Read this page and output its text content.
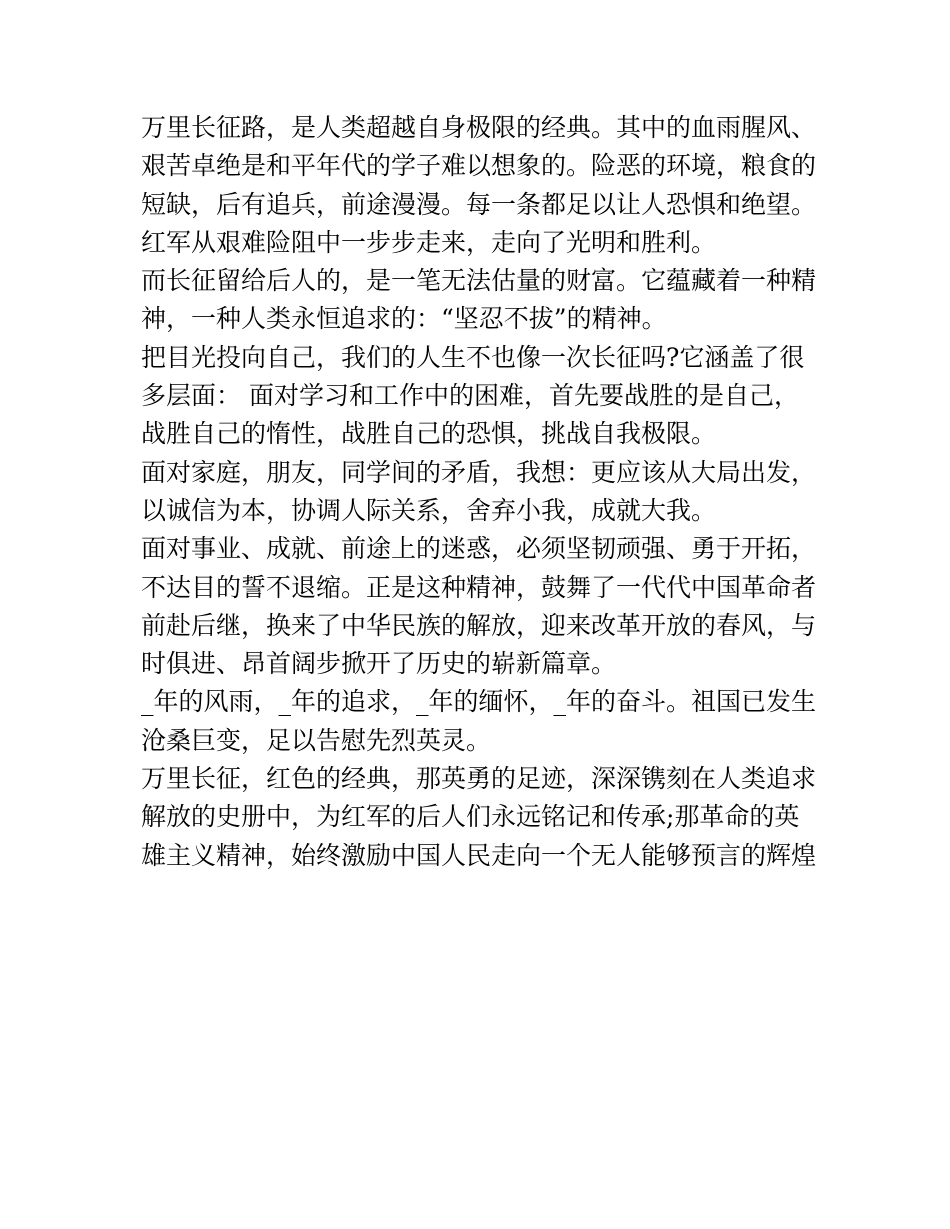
万里长征路，是人类超越自身极限的经典。其中的血雨腥风、
艰苦卓绝是和平年代的学子难以想象的。险恶的环境，粮食的
短缺，后有追兵，前途漫漫。每一条都足以让人恐惧和绝望。
红军从艰难险阻中一步步走来，走向了光明和胜利。
而长征留给后人的，是一笔无法估量的财富。它蕴藏着一种精
神，一种人类永恒追求的：“坚忍不拔”的精神。
把目光投向自己，我们的人生不也像一次长征吗?它涵盖了很
多层面： 面对学习和工作中的困难，首先要战胜的是自己，
战胜自己的惰性，战胜自己的恐惧，挑战自我极限。
面对家庭，朋友，同学间的矛盾，我想：更应该从大局出发，
以诚信为本，协调人际关系，舍弃小我，成就大我。
面对事业、成就、前途上的迷惑，必须坚韧顽强、勇于开拓，
不达目的誓不退缩。正是这种精神，鼓舞了一代代中国革命者
前赴后继，换来了中华民族的解放，迎来改革开放的春风，与
时俱进、昂首阔步掀开了历史的崭新篇章。
_年的风雨，_年的追求，_年的缅怀，_年的奋斗。祖国已发生
沧桑巨变，足以告慰先烈英灵。
万里长征，红色的经典，那英勇的足迹，深深镌刻在人类追求
解放的史册中，为红军的后人们永远铭记和传承;那革命的英
雄主义精神，始终激励中国人民走向一个无人能够预言的辉煌
